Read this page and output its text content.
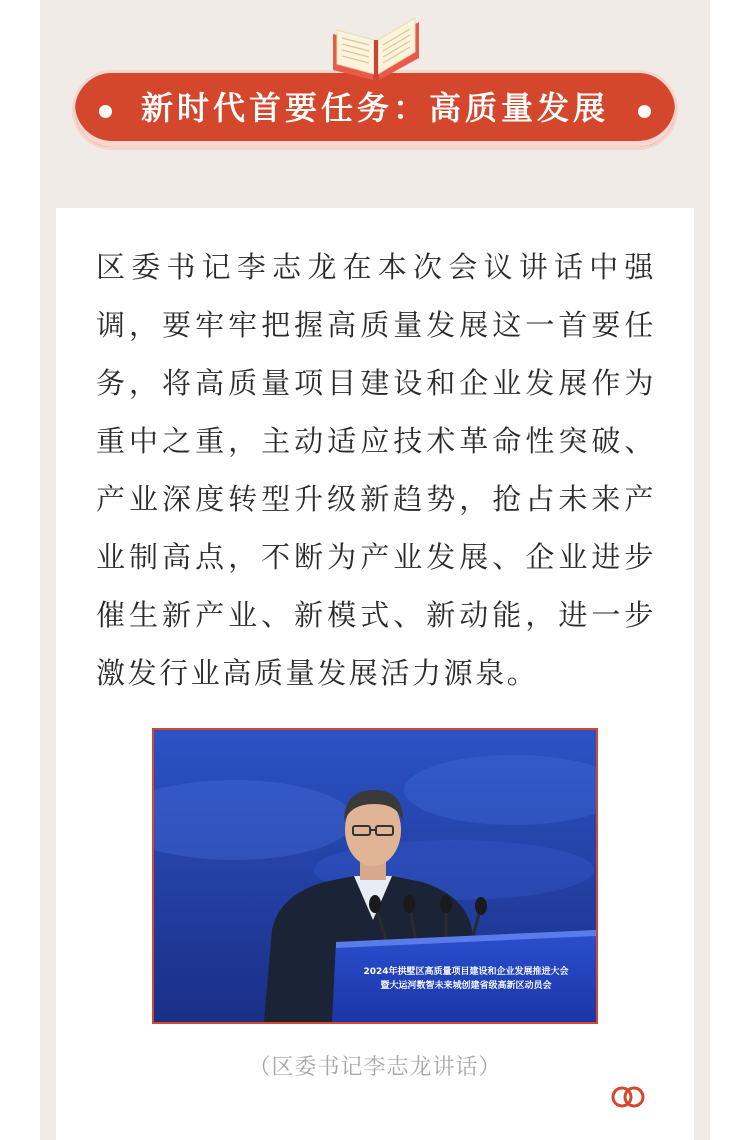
新时代首要任务：高质量发展

区委书记李志龙在本次会议讲话中强调，要牢牢把握高质量发展这一首要任务，将高质量项目建设和企业发展作为重中之重，主动适应技术革命性突破、产业深度转型升级新趋势，抢占未来产业制高点，不断为产业发展、企业进步催生新产业、新模式、新动能，进一步激发行业高质量发展活力源泉。

2024年拱墅区高质量项目建设和企业发展推进大会
暨大运河数智未来城创建省级高新区动员会
（区委书记李志龙讲话）
